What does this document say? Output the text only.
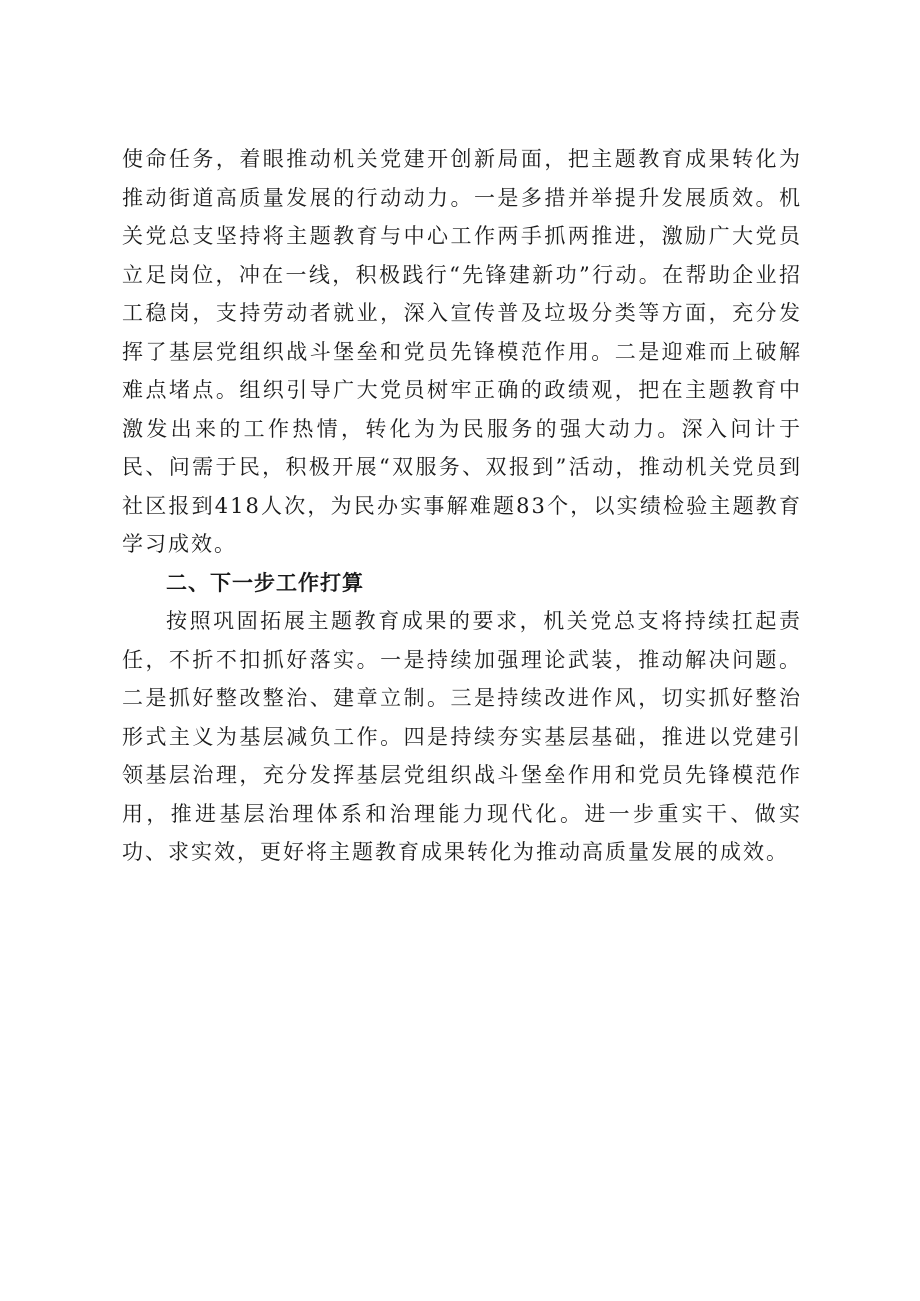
使命任务，着眼推动机关党建开创新局面，把主题教育成果转化为推动街道高质量发展的行动动力。一是多措并举提升发展质效。机关党总支坚持将主题教育与中心工作两手抓两推进，激励广大党员立足岗位，冲在一线，积极践行“先锋建新功”行动。在帮助企业招工稳岗，支持劳动者就业，深入宣传普及垃圾分类等方面，充分发挥了基层党组织战斗堡垒和党员先锋模范作用。二是迎难而上破解难点堵点。组织引导广大党员树牢正确的政绩观，把在主题教育中激发出来的工作热情，转化为为民服务的强大动力。深入问计于民、问需于民，积极开展“双服务、双报到”活动，推动机关党员到社区报到418人次，为民办实事解难题83个，以实绩检验主题教育学习成效。

二、下一步工作打算

按照巩固拓展主题教育成果的要求，机关党总支将持续扛起责任，不折不扣抓好落实。一是持续加强理论武装，推动解决问题。二是抓好整改整治、建章立制。三是持续改进作风，切实抓好整治形式主义为基层减负工作。四是持续夯实基层基础，推进以党建引领基层治理，充分发挥基层党组织战斗堡垒作用和党员先锋模范作用，推进基层治理体系和治理能力现代化。进一步重实干、做实功、求实效，更好将主题教育成果转化为推动高质量发展的成效。
